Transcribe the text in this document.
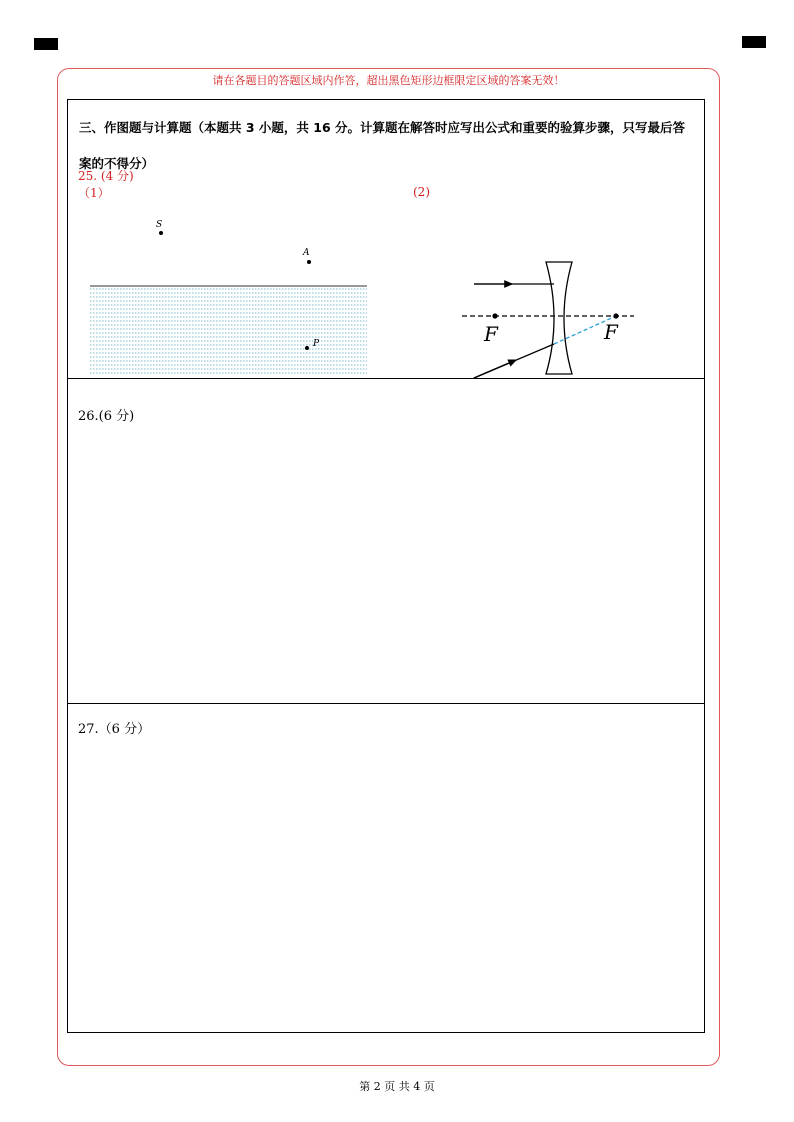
请在各题目的答题区域内作答，超出黑色矩形边框限定区域的答案无效！
三、作图题与计算题（本题共 3 小题，共 16 分。计算题在解答时应写出公式和重要的验算步骤，只写最后答案的不得分）
25. (4 分)
（1）	(2)
S
A
P	F	F
26.(6 分)
27.（6 分）
第 2 页 共 4 页
